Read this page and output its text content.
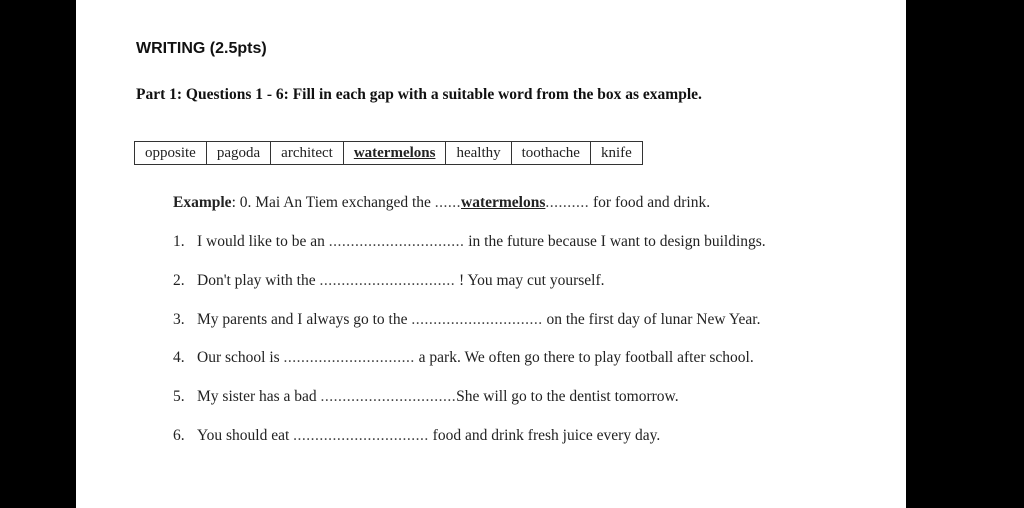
WRITING (2.5pts)
Part 1: Questions 1 - 6: Fill in each gap with a suitable word from the box as example.
opposite	pagoda	architect	watermelons	healthy	toothache	knife
Example: 0. Mai An Tiem exchanged the ......watermelons.......... for food and drink.
1. I would like to be an ............................... in the future because I want to design buildings.
2. Don't play with the ............................... ! You may cut yourself.
3. My parents and I always go to the .............................. on the first day of lunar New Year.
4. Our school is .............................. a park. We often go there to play football after school.
5. My sister has a bad ...............................She will go to the dentist tomorrow.
6. You should eat ............................... food and drink fresh juice every day.
